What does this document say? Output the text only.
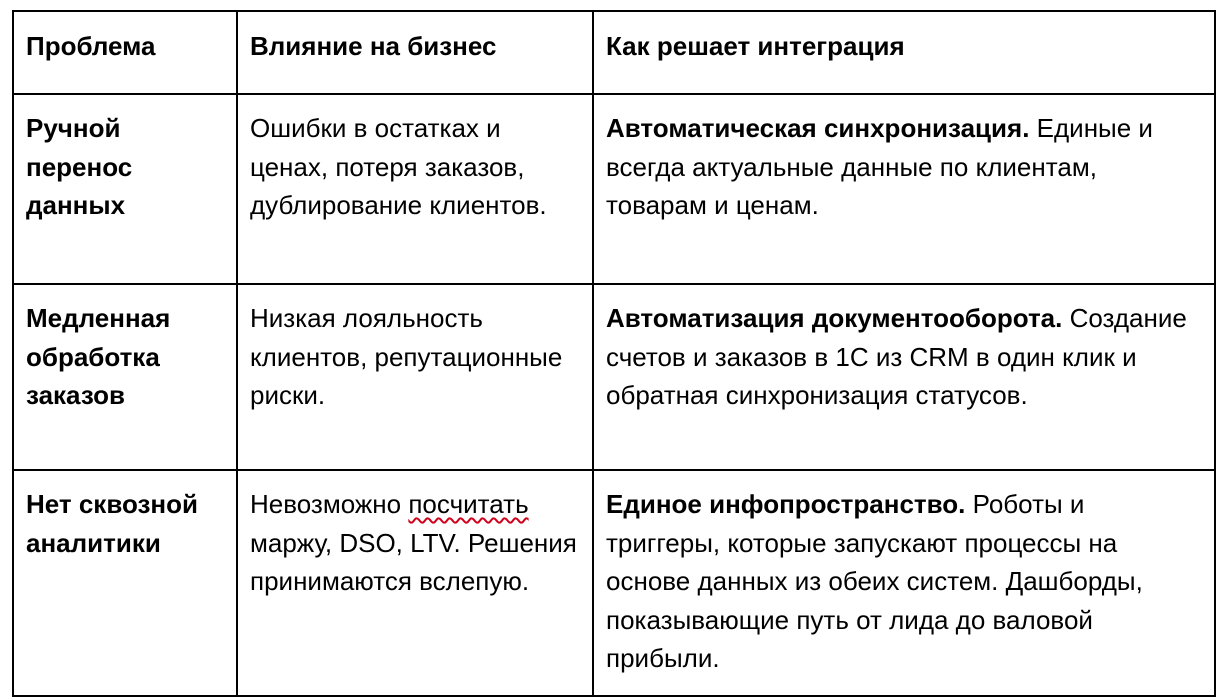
Проблема	Влияние на бизнес	Как решает интеграция
Ручной перенос данных	Ошибки в остатках и ценах, потеря заказов, дублирование клиентов.	Автоматическая синхронизация. Единые и всегда актуальные данные по клиентам, товарам и ценам.
Медленная обработка заказов	Низкая лояльность клиентов, репутационные риски.	Автоматизация документооборота. Создание счетов и заказов в 1С из CRM в один клик и обратная синхронизация статусов.
Нет сквозной аналитики	Невозможно посчитать маржу, DSO, LTV. Решения принимаются вслепую.	Единое инфопространство. Роботы и триггеры, которые запускают процессы на основе данных из обеих систем. Дашборды, показывающие путь от лида до валовой прибыли.
